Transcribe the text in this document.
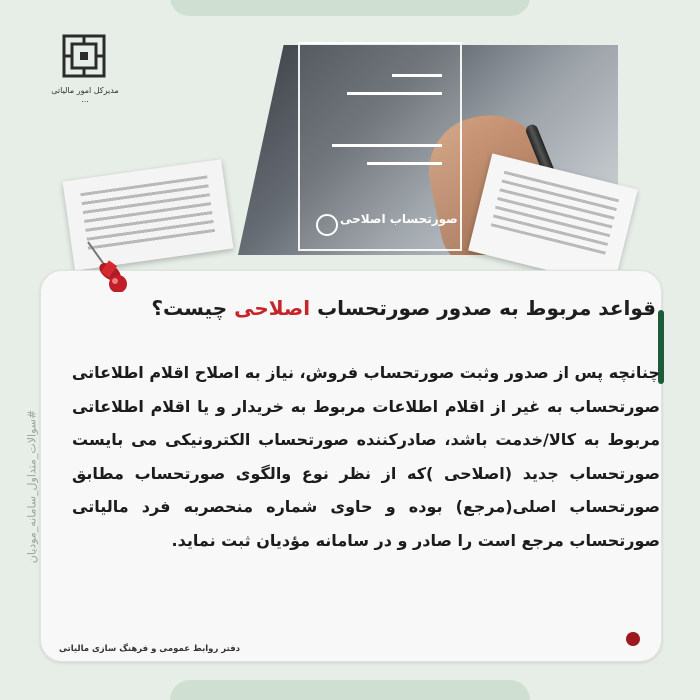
صورتحساب اصلاحی
مدیرکل امور مالیاتی ...
قواعد مربوط به صدور صورتحساب اصلاحی چیست؟
چنانچه پس از صدور وثبت صورتحساب فروش، نیاز به اصلاح اقلام اطلاعاتی
صورتحساب به غیر از اقلام اطلاعات مربوط به خریدار و یا اقلام اطلاعاتی
مربوط به کالا/خدمت باشد، صادرکننده صورتحساب الکترونیکی می بایست
صورتحساب جدید (اصلاحی )که از نظر نوع والگوی صورتحساب مطابق
صورتحساب اصلی(مرجع) بوده و حاوی شماره منحصربه فرد مالیاتی
صورتحساب مرجع است را صادر و در سامانه مؤدیان ثبت نماید.
#سوالات_متداول_سامانه_مودیان
دفتر روابط عمومی و فرهنگ سازی مالیاتی
